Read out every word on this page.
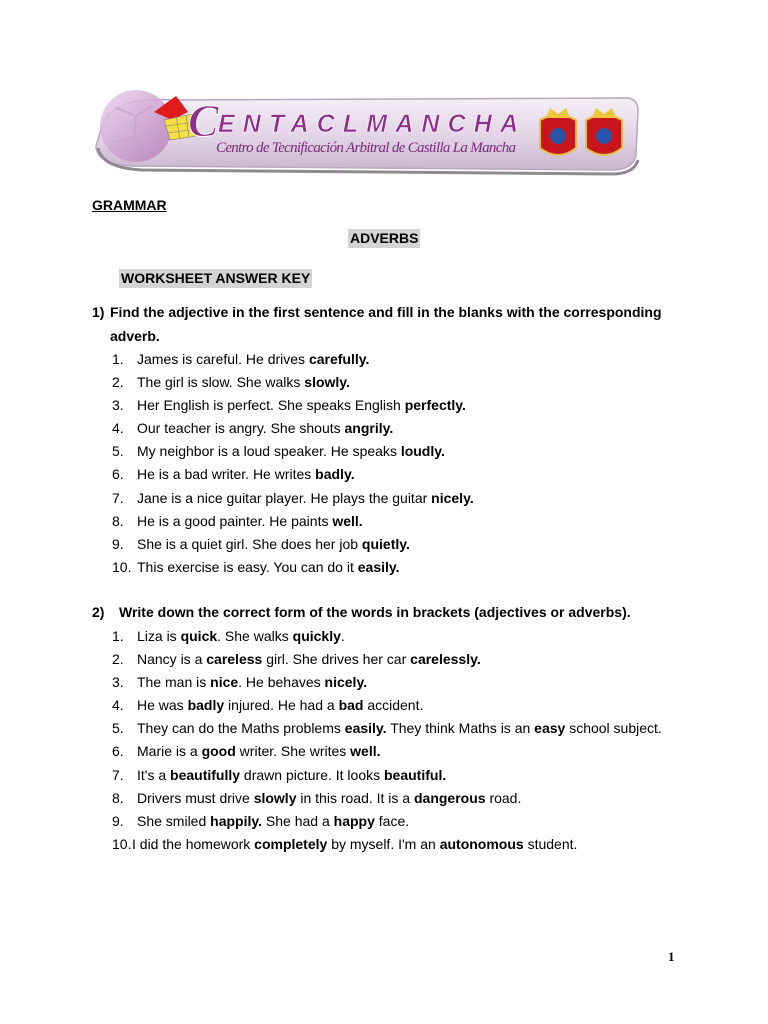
C ENTACLMANCHA
Centro de Tecnificación Arbitral de Castilla La Mancha
GRAMMAR
ADVERBS
WORKSHEET ANSWER KEY
1) Find the adjective in the first sentence and fill in the blanks with the corresponding
adverb.
1. James is careful. He drives carefully.
2. The girl is slow. She walks slowly.
3. Her English is perfect. She speaks English perfectly.
4. Our teacher is angry. She shouts angrily.
5. My neighbor is a loud speaker. He speaks loudly.
6. He is a bad writer. He writes badly.
7. Jane is a nice guitar player. He plays the guitar nicely.
8. He is a good painter. He paints well.
9. She is a quiet girl. She does her job quietly.
10. This exercise is easy. You can do it easily.
2) Write down the correct form of the words in brackets (adjectives or adverbs).
1. Liza is quick. She walks quickly.
2. Nancy is a careless girl. She drives her car carelessly.
3. The man is nice. He behaves nicely.
4. He was badly injured. He had a bad accident.
5. They can do the Maths problems easily. They think Maths is an easy school subject.
6. Marie is a good writer. She writes well.
7. It's a beautifully drawn picture. It looks beautiful.
8. Drivers must drive slowly in this road. It is a dangerous road.
9. She smiled happily. She had a happy face.
10. I did the homework completely by myself. I'm an autonomous student.
1
